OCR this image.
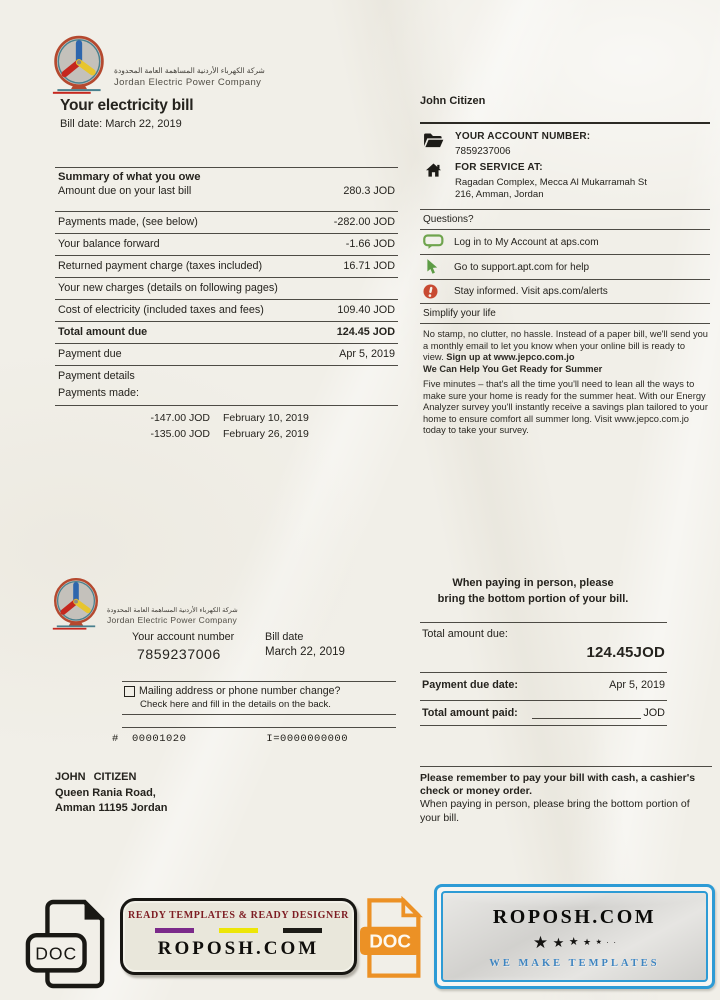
شركة الكهرباء الأردنية المساهمة العامة المحدودة
Jordan Electric Power Company
Your electricity bill
Bill date: March 22, 2019
Summary of what you owe
Amount due on your last bill	280.3 JOD
Payments made, (see below)	-282.00 JOD
Your balance forward	-1.66 JOD
Returned payment charge (taxes included)	16.71 JOD
Your new charges (details on following pages)
Cost of electricity (included taxes and fees)	109.40 JOD
Total amount due	124.45 JOD
Payment due	Apr 5, 2019
Payment details
Payments made:
-147.00 JOD February 10, 2019
-135.00 JOD February 26, 2019
John Citizen
YOUR ACCOUNT NUMBER:
7859237006
FOR SERVICE AT:
Ragadan Complex, Mecca Al Mukarramah St
216, Amman, Jordan
Questions?
Log in to My Account at aps.com
Go to support.apt.com for help
Stay informed. Visit aps.com/alerts
Simplify your life
No stamp, no clutter, no hassle. Instead of a paper bill, we'll send you a monthly email to let you know when your online bill is ready to view. Sign up at www.jepco.com.jo
We Can Help You Get Ready for Summer
Five minutes – that's all the time you'll need to lean all the ways to make sure your home is ready for the summer heat. With our Energy Analyzer survey you'll instantly receive a savings plan tailored to your home to ensure comfort all summer long. Visit www.jepco.com.jo today to take your survey.
شركة الكهرباء الأردنية المساهمة العامة المحدودة
Jordan Electric Power Company
Your account number
7859237006
Bill date
March 22, 2019
When paying in person, please
bring the bottom portion of your bill.
Total amount due:
124.45JOD
Payment due date:	Apr 5, 2019
Total amount paid:	JOD
Mailing address or phone number change?
Check here and fill in the details on the back.
#	00001020	I=0000000000
JOHN CITIZEN
Queen Rania Road,
Amman 11195 Jordan
Please remember to pay your bill with cash, a cashier's check or money order.
When paying in person, please bring the bottom portion of your bill.
DOC
READY TEMPLATES & READY DESIGNER
ROPOSH.COM	DOC
ROPOSH.COM
★ ★ ★ ★ ★ · ·
WE MAKE TEMPLATES
